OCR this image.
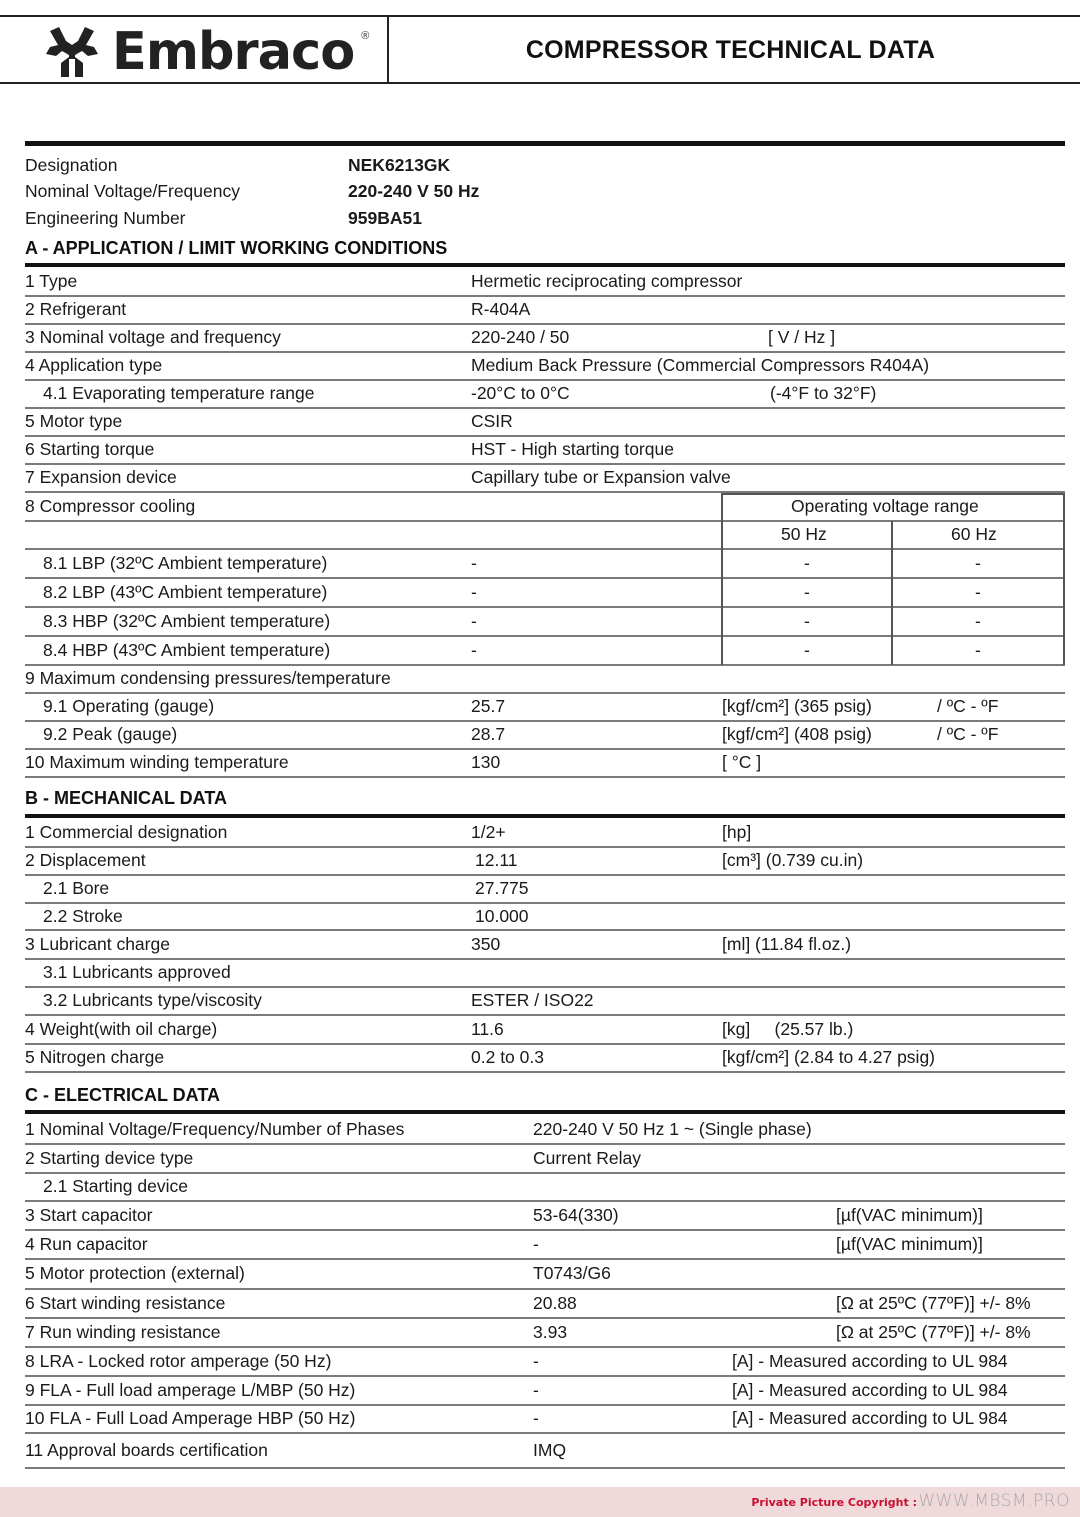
Embraco ®	COMPRESSOR TECHNICAL DATA
Designation	NEK6213GK
Nominal Voltage/Frequency	220-240 V 50 Hz
Engineering Number	959BA51
A - APPLICATION / LIMIT WORKING CONDITIONS
1 Type	Hermetic reciprocating compressor
2 Refrigerant	R-404A
3 Nominal voltage and frequency	220-240 / 50	[ V / Hz ]
4 Application type	Medium Back Pressure (Commercial Compressors R404A)
4.1 Evaporating temperature range	-20°C to 0°C	(-4°F to 32°F)
5 Motor type	CSIR
6 Starting torque	HST - High starting torque
7 Expansion device	Capillary tube or Expansion valve
8 Compressor cooling	Operating voltage range
50 Hz	60 Hz
8.1 LBP (32ºC Ambient temperature)	-	-	-
8.2 LBP (43ºC Ambient temperature)	-	-	-
8.3 HBP (32ºC Ambient temperature)	-	-	-
8.4 HBP (43ºC Ambient temperature)	-	-	-
9 Maximum condensing pressures/temperature
9.1 Operating (gauge)	25.7	[kgf/cm²] (365 psig)	/ ºC - ºF
9.2 Peak (gauge)	28.7	[kgf/cm²] (408 psig)	/ ºC - ºF
10 Maximum winding temperature	130	[ °C ]
B - MECHANICAL DATA
1 Commercial designation	1/2+	[hp]
2 Displacement	12.11	[cm³] (0.739 cu.in)
2.1 Bore	27.775
2.2 Stroke	10.000
3 Lubricant charge	350	[ml] (11.84 fl.oz.)
3.1 Lubricants approved
3.2 Lubricants type/viscosity	ESTER / ISO22
4 Weight(with oil charge)	11.6	[kg]     (25.57 lb.)
5 Nitrogen charge	0.2 to 0.3	[kgf/cm²] (2.84 to 4.27 psig)
C - ELECTRICAL DATA
1 Nominal Voltage/Frequency/Number of Phases	220-240 V 50 Hz 1 ~ (Single phase)
2 Starting device type	Current Relay
2.1 Starting device
3 Start capacitor	53-64(330)	[µf(VAC minimum)]
4 Run capacitor	-	[µf(VAC minimum)]
5 Motor protection (external)	T0743/G6
6 Start winding resistance	20.88	[Ω at 25ºC (77ºF)] +/- 8%
7 Run winding resistance	3.93	[Ω at 25ºC (77ºF)] +/- 8%
8 LRA - Locked rotor amperage (50 Hz)	-	[A] - Measured according to UL 984
9 FLA - Full load amperage L/MBP (50 Hz)	-	[A] - Measured according to UL 984
10 FLA - Full Load Amperage HBP (50 Hz)	-	[A] - Measured according to UL 984
11 Approval boards certification	IMQ
Private Picture Copyright : WWW.MBSM.PRO
